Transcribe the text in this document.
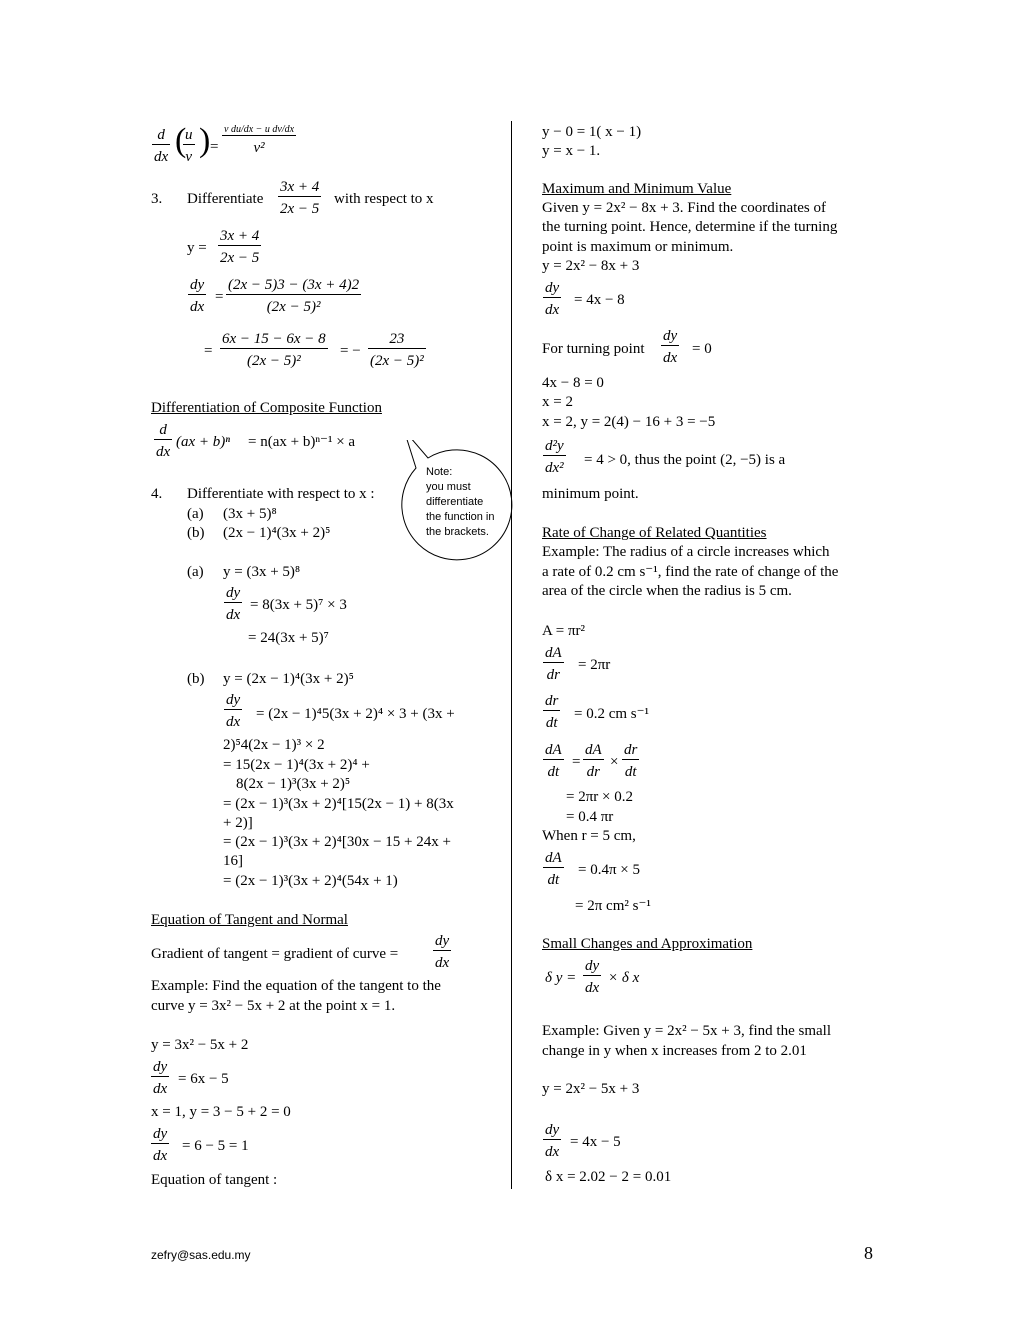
d
dx (
u
v ) =
v du/dx − u dv/dx
v²
3. Differentiate
3x + 4
2x − 5
with respect to x
y =
3x + 4
2x − 5
dy
dx
=
(2x − 5)3 − (3x + 4)2
(2x − 5)²
=
6x − 15 − 6x − 8
(2x − 5)²
= −
23
(2x − 5)²
Differentiation of Composite Function
d
dx
(ax + b)ⁿ = n(ax + b)ⁿ⁻¹ × a
Note:
you must
differentiate
the function in
the brackets.
4. Differentiate with respect to x :
(a) (3x + 5)⁸
(b) (2x − 1)⁴(3x + 2)⁵
(a) y = (3x + 5)⁸
dy
dx
= 8(3x + 5)⁷ × 3
= 24(3x + 5)⁷
(b) y = (2x − 1)⁴(3x + 2)⁵
dy
dx = (2x − 1)⁴5(3x + 2)⁴ × 3 + (3x +
2)⁵4(2x − 1)³ × 2
= 15(2x − 1)⁴(3x + 2)⁴ +
8(2x − 1)³(3x + 2)⁵
= (2x − 1)³(3x + 2)⁴[15(2x − 1) + 8(3x
+ 2)]
= (2x − 1)³(3x + 2)⁴[30x − 15 + 24x +
16]
= (2x − 1)³(3x + 2)⁴(54x + 1)
Equation of Tangent and Normal
Gradient of tangent = gradient of curve =
dy
dx
Example: Find the equation of the tangent to the
curve y = 3x² − 5x + 2 at the point x = 1.
y = 3x² − 5x + 2
dy
dx
= 6x − 5
x = 1, y = 3 − 5 + 2 = 0
dy
dx
= 6 − 5 = 1
Equation of tangent :
y − 0 = 1( x − 1)
y = x − 1.
Maximum and Minimum Value
Given y = 2x² − 8x + 3. Find the coordinates of
the turning point. Hence, determine if the turning
point is maximum or minimum.
y = 2x² − 8x + 3
dy
dx
= 4x − 8
For turning point
dy
dx
= 0
4x − 8 = 0
x = 2
x = 2, y = 2(4) − 16 + 3 = −5
d²y
dx² = 4 > 0, thus the point (2, −5) is a
minimum point.
Rate of Change of Related Quantities
Example: The radius of a circle increases which
a rate of 0.2 cm s⁻¹, find the rate of change of the
area of the circle when the radius is 5 cm.
A = πr²
dA
dr
= 2πr
dr
dt
= 0.2 cm s⁻¹
dA
dt
=
dA
dr
×
dr
dt
= 2πr × 0.2
= 0.4 πr
When r = 5 cm,
dA
dt
= 0.4π × 5
= 2π cm² s⁻¹
Small Changes and Approximation
δ y =
dy
dx
× δ x
Example: Given y = 2x² − 5x + 3, find the small
change in y when x increases from 2 to 2.01
y = 2x² − 5x + 3
dy
dx
= 4x − 5
δ x = 2.02 − 2 = 0.01
zefry@sas.edu.my	8
